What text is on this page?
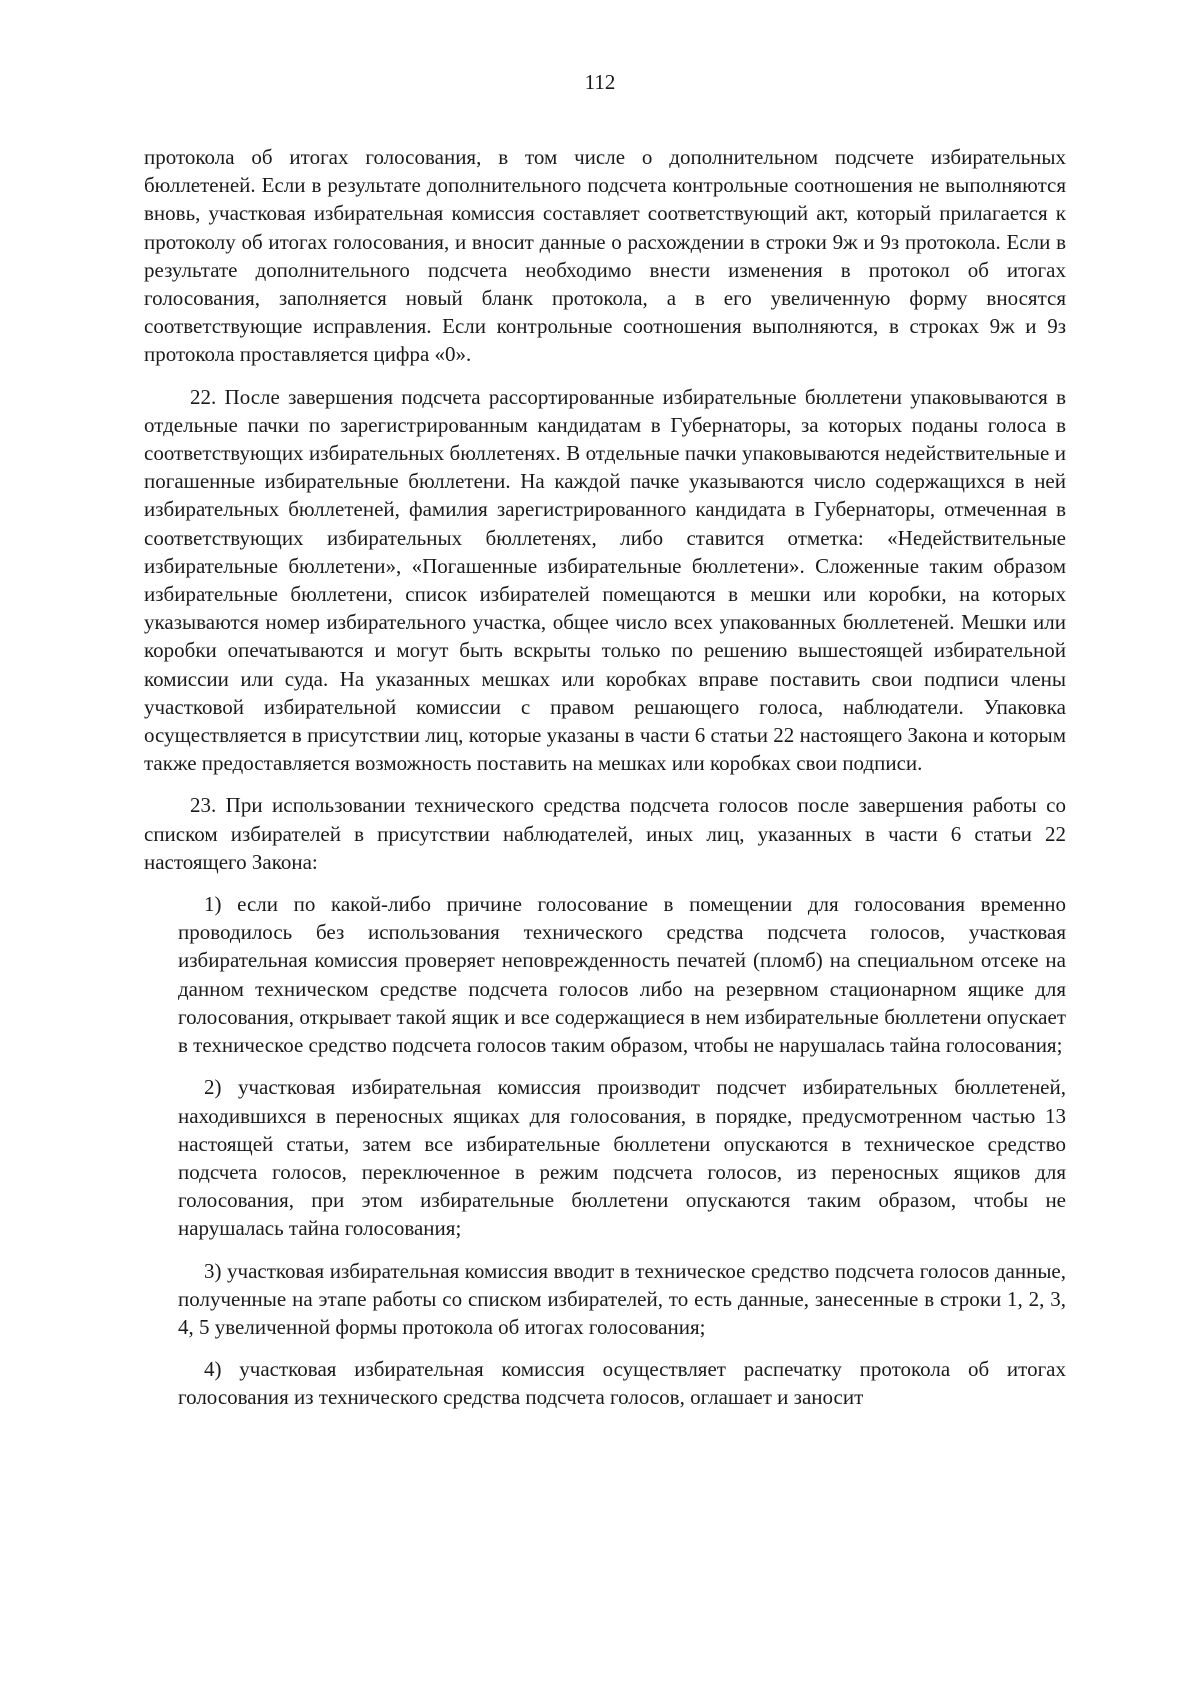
112

протокола об итогах голосования, в том числе о дополнительном подсчете избирательных бюллетеней. Если в результате дополнительного подсчета контрольные соотношения не выполняются вновь, участковая избирательная комиссия составляет соответствующий акт, который прилагается к протоколу об итогах голосования, и вносит данные о расхождении в строки 9ж и 9з протокола. Если в результате дополнительного подсчета необходимо внести изменения в протокол об итогах голосования, заполняется новый бланк протокола, а в его увеличенную форму вносятся соответствующие исправления. Если контрольные соотношения выполняются, в строках 9ж и 9з протокола проставляется цифра «0».

22. После завершения подсчета рассортированные избирательные бюллетени упаковываются в отдельные пачки по зарегистрированным кандидатам в Губернаторы, за которых поданы голоса в соответствующих избирательных бюллетенях. В отдельные пачки упаковываются недействительные и погашенные избирательные бюллетени. На каждой пачке указываются число содержащихся в ней избирательных бюллетеней, фамилия зарегистрированного кандидата в Губернаторы, отмеченная в соответствующих избирательных бюллетенях, либо ставится отметка: «Недействительные избирательные бюллетени», «Погашенные избирательные бюллетени». Сложенные таким образом избирательные бюллетени, список избирателей помещаются в мешки или коробки, на которых указываются номер избирательного участка, общее число всех упакованных бюллетеней. Мешки или коробки опечатываются и могут быть вскрыты только по решению вышестоящей избирательной комиссии или суда. На указанных мешках или коробках вправе поставить свои подписи члены участковой избирательной комиссии с правом решающего голоса, наблюдатели. Упаковка осуществляется в присутствии лиц, которые указаны в части 6 статьи 22 настоящего Закона и которым также предоставляется возможность поставить на мешках или коробках свои подписи.

23. При использовании технического средства подсчета голосов после завершения работы со списком избирателей в присутствии наблюдателей, иных лиц, указанных в части 6 статьи 22 настоящего Закона:

1) если по какой-либо причине голосование в помещении для голосования временно проводилось без использования технического средства подсчета голосов, участковая избирательная комиссия проверяет неповрежденность печатей (пломб) на специальном отсеке на данном техническом средстве подсчета голосов либо на резервном стационарном ящике для голосования, открывает такой ящик и все содержащиеся в нем избирательные бюллетени опускает в техническое средство подсчета голосов таким образом, чтобы не нарушалась тайна голосования;

2) участковая избирательная комиссия производит подсчет избирательных бюллетеней, находившихся в переносных ящиках для голосования, в порядке, предусмотренном частью 13 настоящей статьи, затем все избирательные бюллетени опускаются в техническое средство подсчета голосов, переключенное в режим подсчета голосов, из переносных ящиков для голосования, при этом избирательные бюллетени опускаются таким образом, чтобы не нарушалась тайна голосования;

3) участковая избирательная комиссия вводит в техническое средство подсчета голосов данные, полученные на этапе работы со списком избирателей, то есть данные, занесенные в строки 1, 2, 3, 4, 5 увеличенной формы протокола об итогах голосования;

4) участковая избирательная комиссия осуществляет распечатку протокола об итогах голосования из технического средства подсчета голосов, оглашает и заносит
